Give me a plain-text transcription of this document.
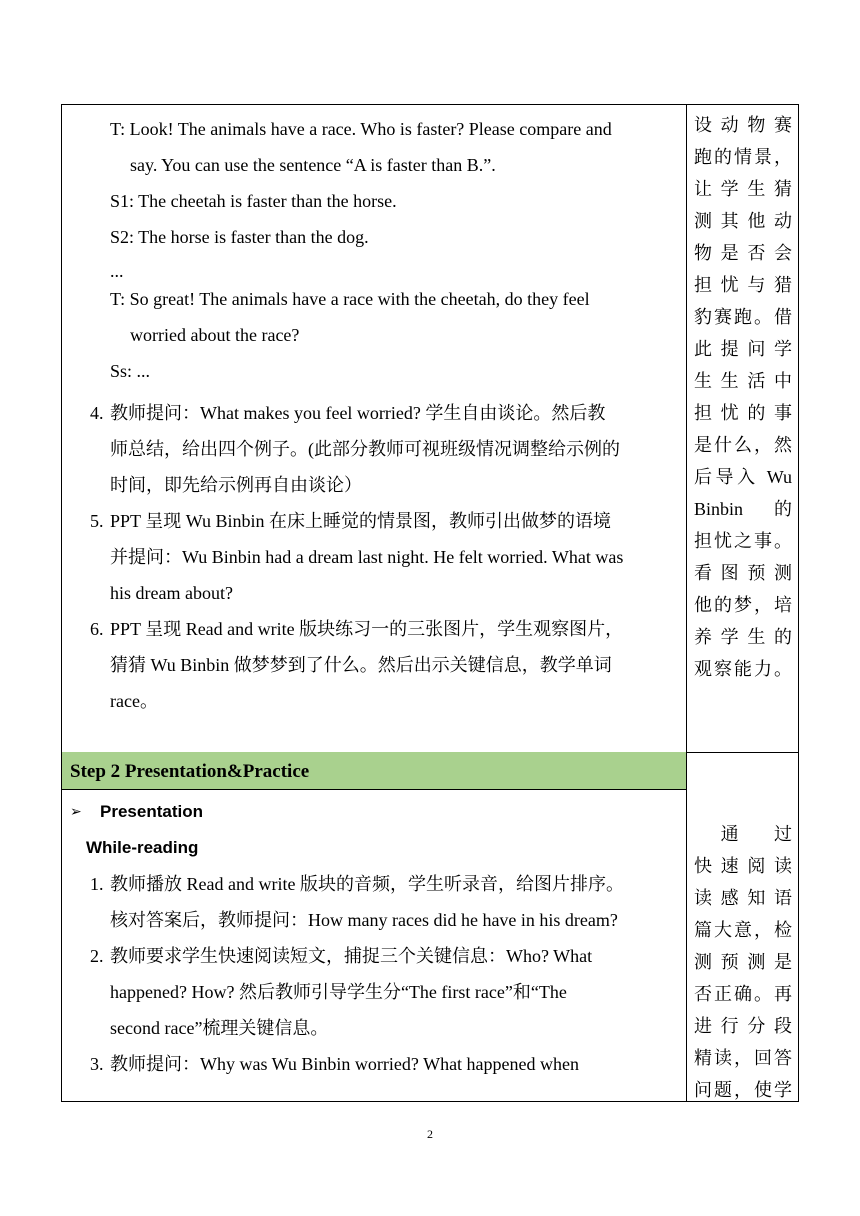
T: Look! The animals have a race. Who is faster? Please compare and
say. You can use the sentence “A is faster than B.”.
S1: The cheetah is faster than the horse.
S2: The horse is faster than the dog.
...
T: So great! The animals have a race with the cheetah, do they feel
worried about the race?
Ss: ...
4. 教师提问：What makes you feel worried? 学生自由谈论。然后教
师总结，给出四个例子。(此部分教师可视班级情况调整给示例的
时间，即先给示例再自由谈论）
5. PPT 呈现 Wu Binbin 在床上睡觉的情景图，教师引出做梦的语境
并提问：Wu Binbin had a dream last night. He felt worried. What was
his dream about?
6. PPT 呈现 Read and write 版块练习一的三张图片，学生观察图片，
猜猜 Wu Binbin 做梦梦到了什么。然后出示关键信息，教学单词
race。
设 动 物 赛
跑的情景，
让 学 生 猜
测 其 他 动
物 是 否 会
担 忧 与 猎
豹赛跑。借
此 提 问 学
生 生 活 中
担 忧 的 事
是什么，然
后导入 Wu
Binbin　的
担忧之事。
看 图 预 测
他的梦，培
养 学 生 的
观察能力。
Step 2 Presentation&Practice
➢ Presentation
While-reading
1. 教师播放 Read and write 版块的音频，学生听录音，给图片排序。
核对答案后，教师提问：How many races did he have in his dream?
2. 教师要求学生快速阅读短文，捕捉三个关键信息：Who? What
happened? How? 然后教师引导学生分“The first race”和“The
second race”梳理关键信息。
3. 教师提问：Why was Wu Binbin worried? What happened when
　通　过
快 速 阅 读
读 感 知 语
篇大意，检
测 预 测 是
否正确。再
进 行 分 段
精读，回答
问题，使学
2
